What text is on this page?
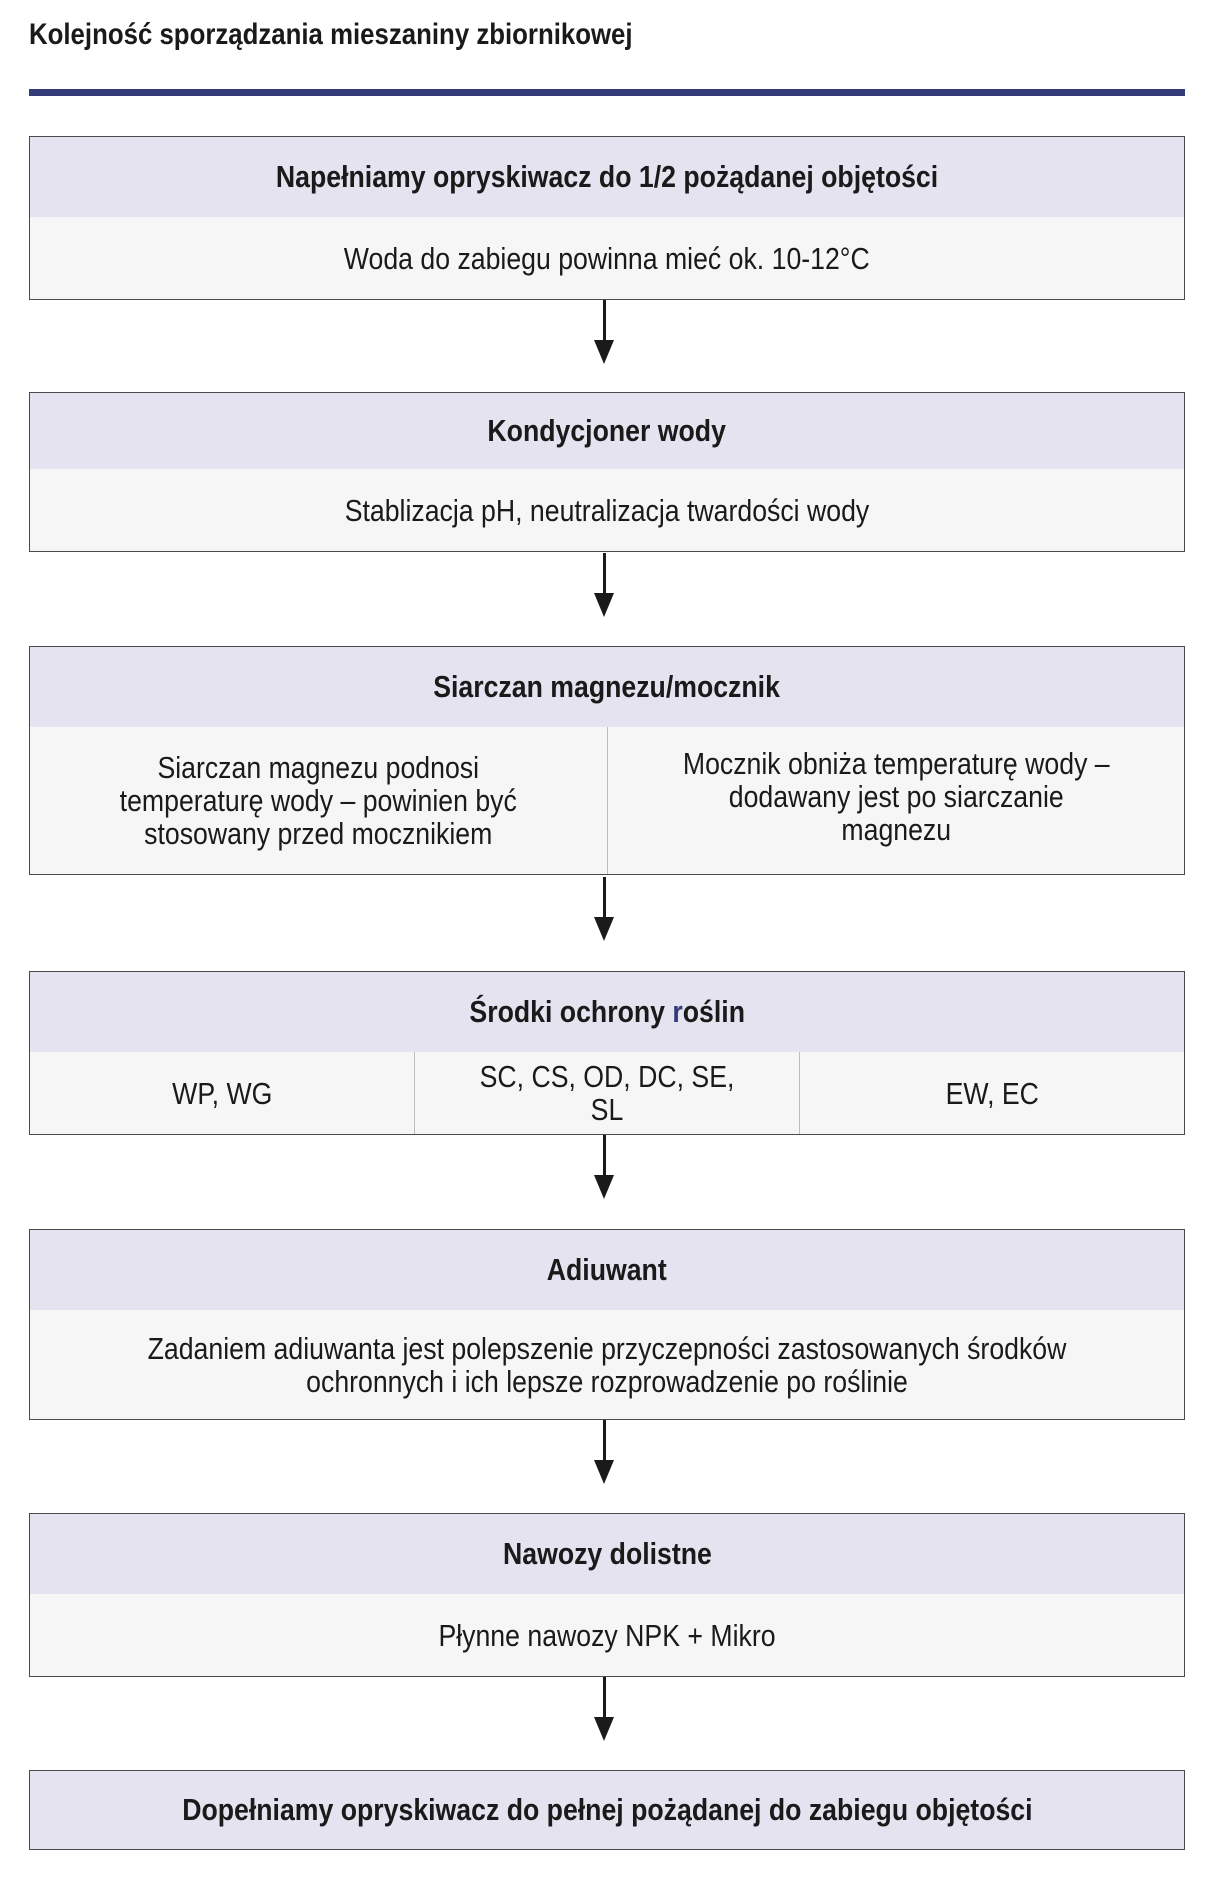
Kolejność sporządzania mieszaniny zbiornikowej
Napełniamy opryskiwacz do 1/2 pożądanej objętości
Woda do zabiegu powinna mieć ok. 10-12°C
Kondycjoner wody
Stablizacja pH, neutralizacja twardości wody
Siarczan magnezu/mocznik
Siarczan magnezu podnosi temperaturę wody – powinien być stosowany przed mocznikiem
Mocznik obniża temperaturę wody – dodawany jest po siarczanie magnezu
Środki ochrony roślin
WP, WG	SC, CS, OD, DC, SE, SL	EW, EC
Adiuwant
Zadaniem adiuwanta jest polepszenie przyczepności zastosowanych środków ochronnych i ich lepsze rozprowadzenie po roślinie
Nawozy dolistne
Płynne nawozy NPK + Mikro
Dopełniamy opryskiwacz do pełnej pożądanej do zabiegu objętości
